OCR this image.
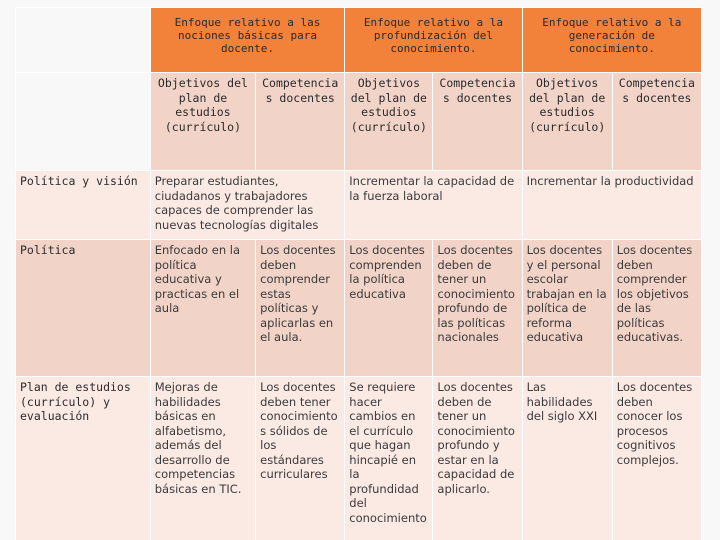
	Enfoque relativo a las nociones básicas para docente.		Enfoque relativo a la profundización del conocimiento.		Enfoque relativo a la generación de conocimiento.	
	Objetivos del plan de estudios (currículo)	Competencias docentes	Objetivos del plan de estudios (currículo)	Competencias docentes	Objetivos del plan de estudios (currículo)	Competencias docentes
Política y visión	Preparar estudiantes, ciudadanos y trabajadores capaces de comprender las nuevas tecnologías digitales		Incrementar la capacidad de la fuerza laboral		Incrementar la productividad	
Política	Enfocado en la política educativa y practicas en el aula	Los docentes deben comprender estas políticas y aplicarlas en el aula.	Los docentes comprenden la política educativa	Los docentes deben de tener un conocimiento profundo de las políticas nacionales	Los docentes y el personal escolar trabajan en la política de reforma educativa	Los docentes deben comprender los objetivos de las políticas educativas.
Plan de estudios (currículo) y evaluación	Mejoras de habilidades básicas en alfabetismo, además del desarrollo de competencias básicas en TIC.	Los docentes deben tener conocimientos sólidos de los estándares curriculares	Se requiere hacer cambios en el currículo que hagan hincapié en la profundidad del conocimiento	Los docentes deben de tener un conocimiento profundo y estar en la capacidad de aplicarlo.	Las habilidades del siglo XXI	Los docentes deben conocer los procesos cognitivos complejos.
